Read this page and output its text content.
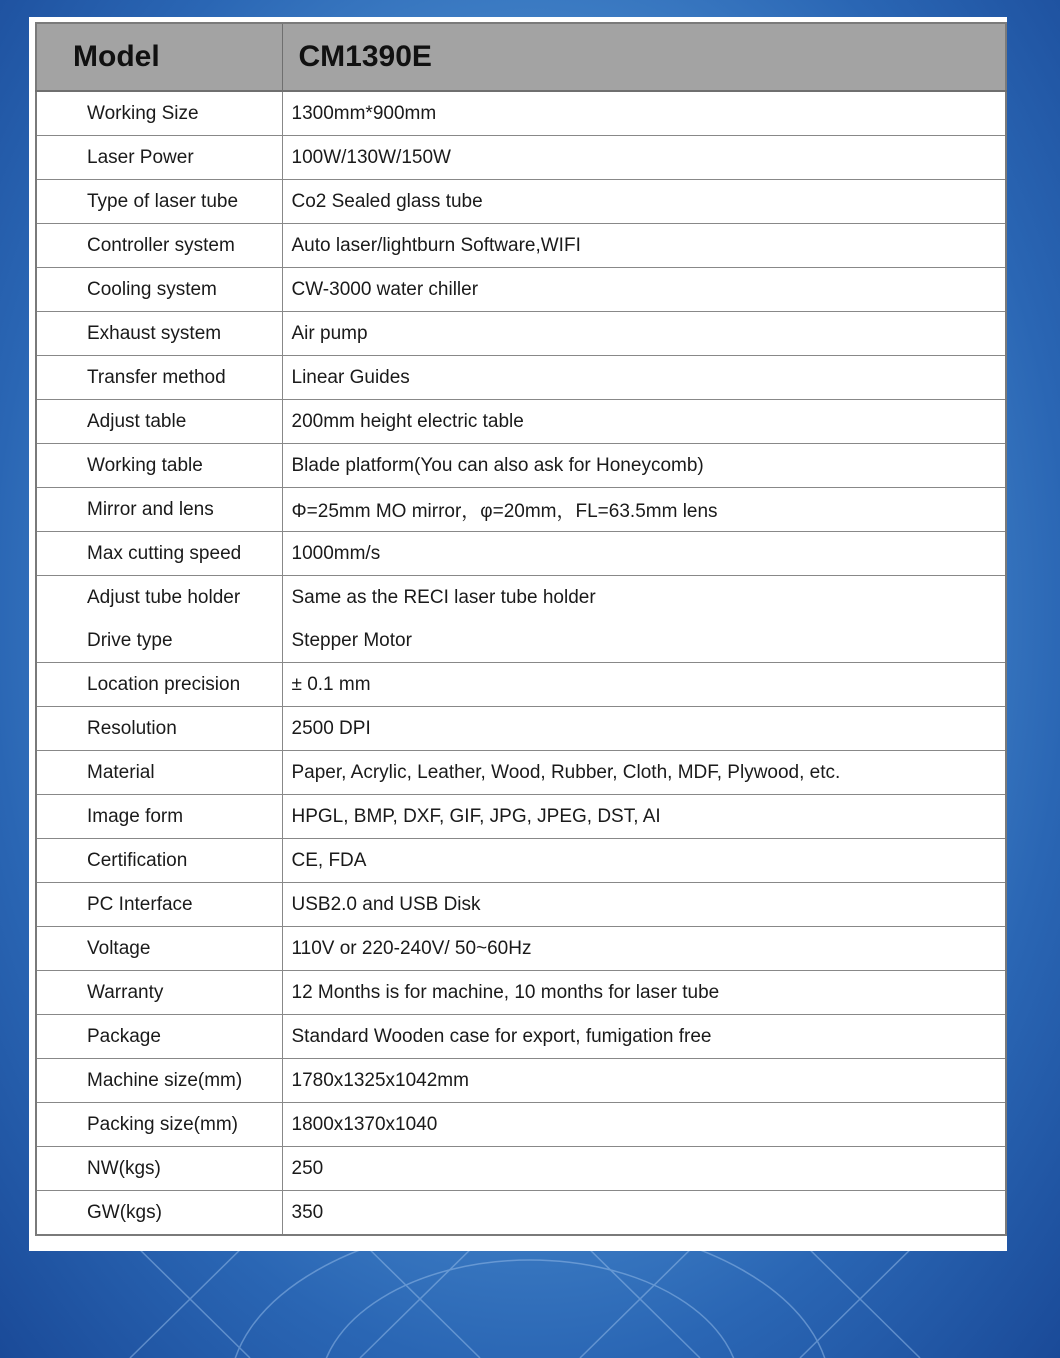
Model	CM1390E
Working Size	1300mm*900mm
Laser Power	100W/130W/150W
Type of laser tube	Co2 Sealed glass tube
Controller system	Auto laser/lightburn Software,WIFI
Cooling system	CW-3000 water chiller
Exhaust system	Air pump
Transfer method	Linear Guides
Adjust table	200mm height electric table
Working table	Blade platform(You can also ask for Honeycomb)
Mirror and lens	Φ=25mm MO mirror，φ=20mm，FL=63.5mm lens
Max cutting speed	1000mm/s
Adjust tube holder	Same as the RECI laser tube holder
Drive type	Stepper Motor
Location precision	± 0.1 mm
Resolution	2500 DPI
Material	Paper, Acrylic, Leather, Wood, Rubber, Cloth, MDF, Plywood, etc.
Image form	HPGL, BMP, DXF, GIF, JPG, JPEG, DST, AI
Certification	CE, FDA
PC Interface	USB2.0 and USB Disk
Voltage	110V or 220-240V/ 50~60Hz
Warranty	12 Months is for machine, 10 months for laser tube
Package	Standard Wooden case for export, fumigation free
Machine size(mm)	1780x1325x1042mm
Packing size(mm)	1800x1370x1040
NW(kgs)	250
GW(kgs)	350
